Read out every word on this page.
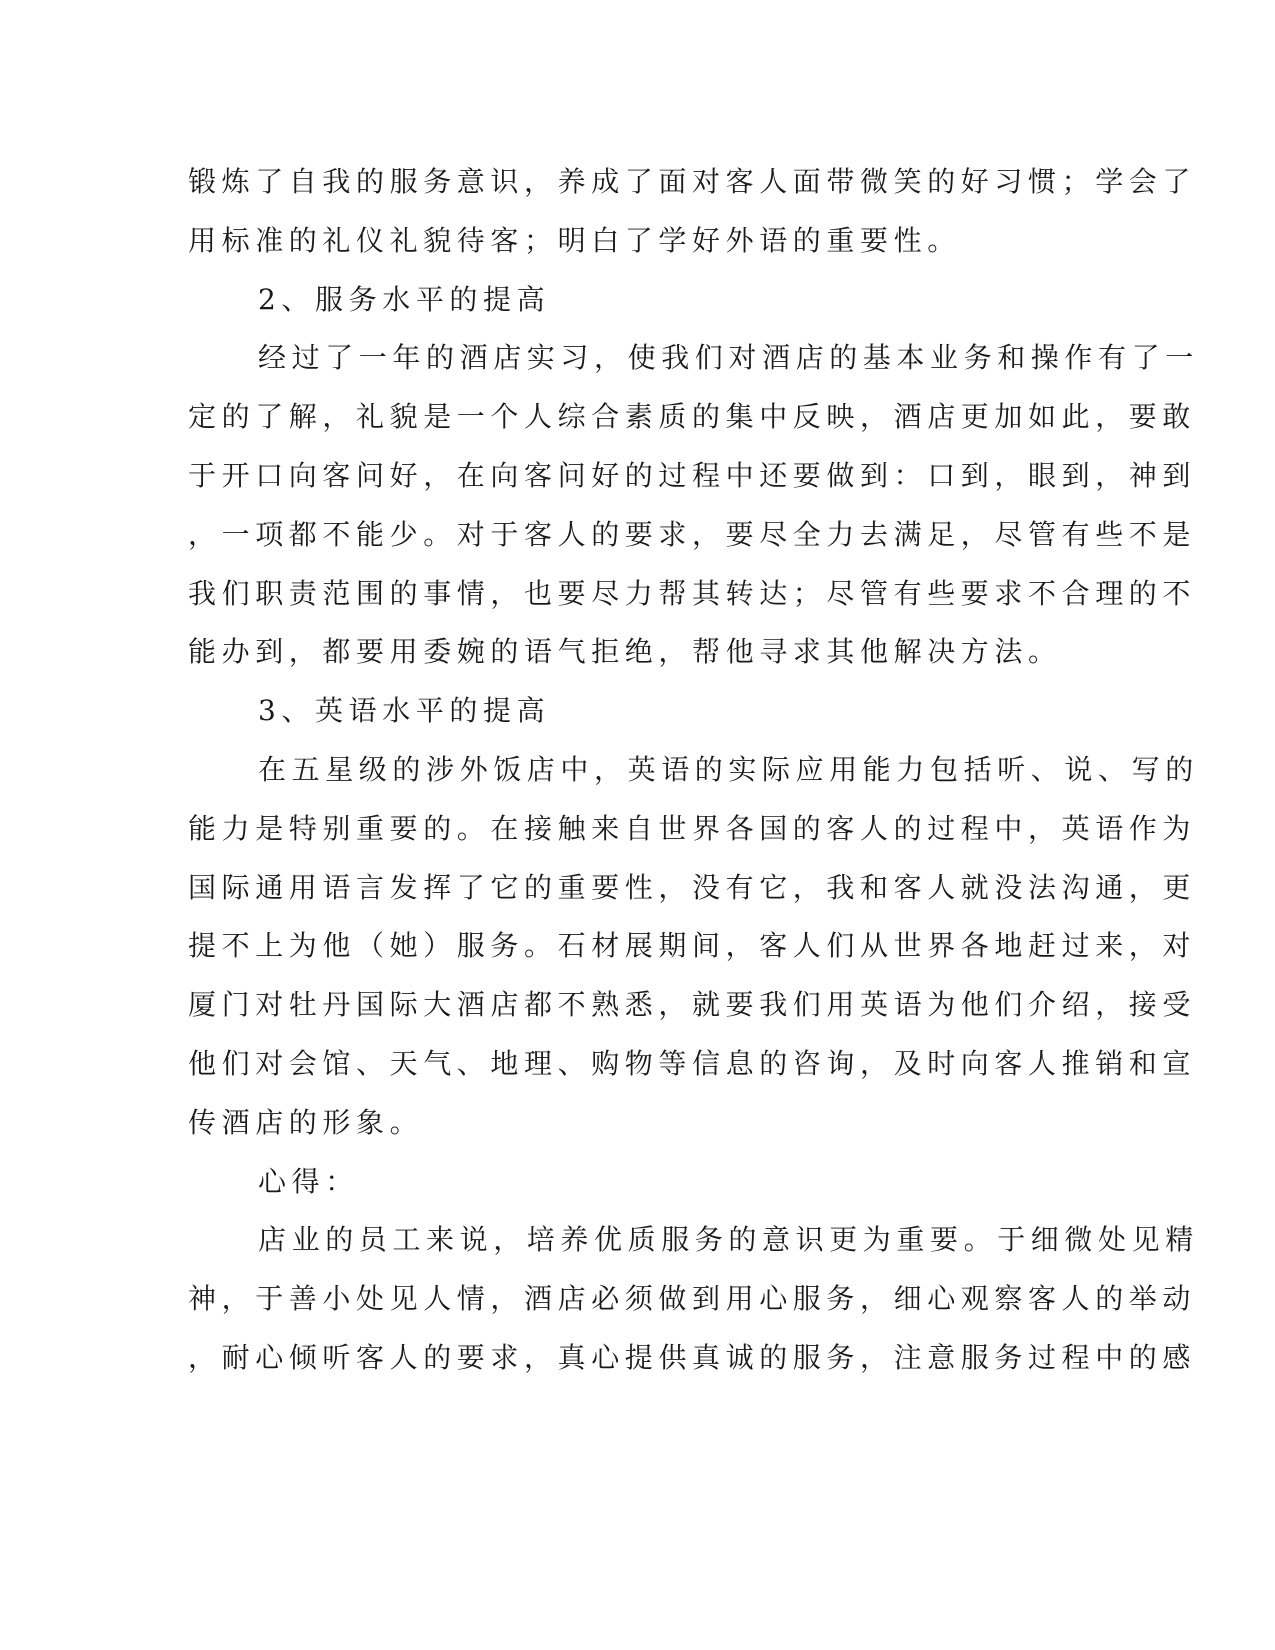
锻炼了自我的服务意识，养成了面对客人面带微笑的好习惯；学会了

用标准的礼仪礼貌待客；明白了学好外语的重要性。

2、服务水平的提高

经过了一年的酒店实习，使我们对酒店的基本业务和操作有了一

定的了解，礼貌是一个人综合素质的集中反映，酒店更加如此，要敢

于开口向客问好，在向客问好的过程中还要做到：口到，眼到，神到

，一项都不能少。对于客人的要求，要尽全力去满足，尽管有些不是

我们职责范围的事情，也要尽力帮其转达；尽管有些要求不合理的不

能办到，都要用委婉的语气拒绝，帮他寻求其他解决方法。

3、英语水平的提高

在五星级的涉外饭店中，英语的实际应用能力包括听、说、写的

能力是特别重要的。在接触来自世界各国的客人的过程中，英语作为

国际通用语言发挥了它的重要性，没有它，我和客人就没法沟通，更

提不上为他（她）服务。石材展期间，客人们从世界各地赶过来，对

厦门对牡丹国际大酒店都不熟悉，就要我们用英语为他们介绍，接受

他们对会馆、天气、地理、购物等信息的咨询，及时向客人推销和宣

传酒店的形象。

心得：

店业的员工来说，培养优质服务的意识更为重要。于细微处见精

神，于善小处见人情，酒店必须做到用心服务，细心观察客人的举动

，耐心倾听客人的要求，真心提供真诚的服务，注意服务过程中的感
